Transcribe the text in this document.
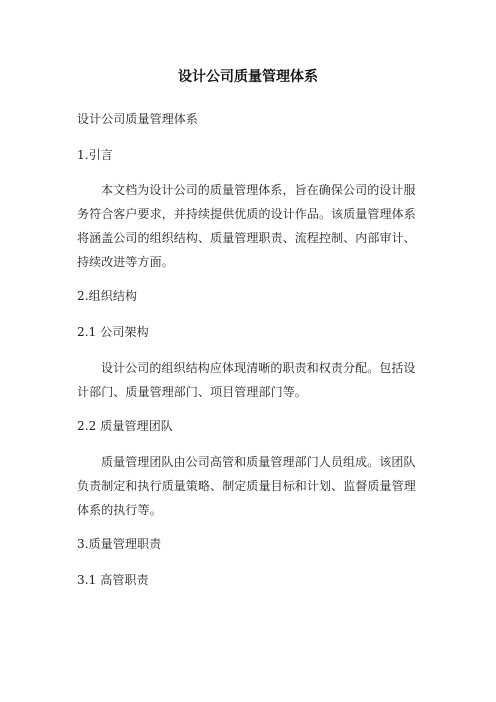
设计公司质量管理体系

设计公司质量管理体系

1.引言

本文档为设计公司的质量管理体系，旨在确保公司的设计服务符合客户要求，并持续提供优质的设计作品。该质量管理体系将涵盖公司的组织结构、质量管理职责、流程控制、内部审计、持续改进等方面。

2.组织结构

2.1 公司架构

设计公司的组织结构应体现清晰的职责和权责分配。包括设计部门、质量管理部门、项目管理部门等。

2.2 质量管理团队

质量管理团队由公司高管和质量管理部门人员组成。该团队负责制定和执行质量策略、制定质量目标和计划、监督质量管理体系的执行等。

3.质量管理职责

3.1 高管职责
